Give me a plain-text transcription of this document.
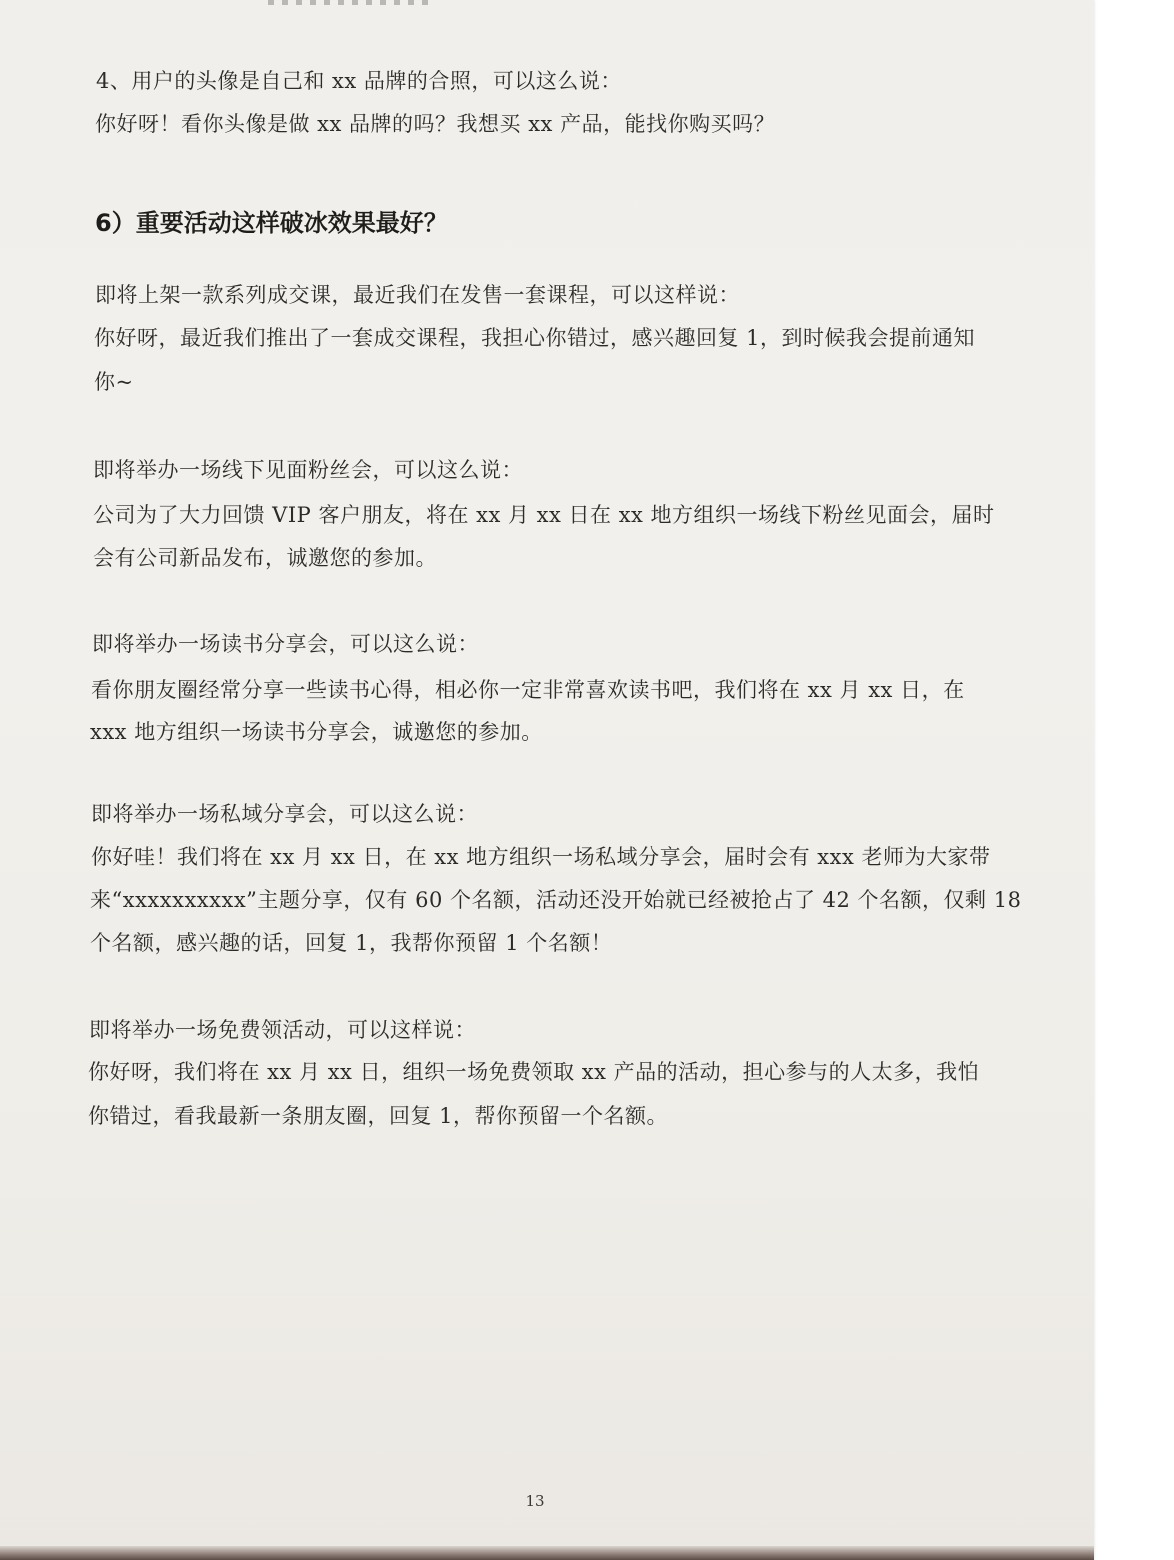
4、用户的头像是自己和 xx 品牌的合照，可以这么说：
你好呀！看你头像是做 xx 品牌的吗？我想买 xx 产品，能找你购买吗？
6）重要活动这样破冰效果最好？
即将上架一款系列成交课，最近我们在发售一套课程，可以这样说：
你好呀，最近我们推出了一套成交课程，我担心你错过，感兴趣回复 1，到时候我会提前通知
你~
即将举办一场线下见面粉丝会，可以这么说：
公司为了大力回馈 VIP 客户朋友，将在 xx 月 xx 日在 xx 地方组织一场线下粉丝见面会，届时
会有公司新品发布，诚邀您的参加。
即将举办一场读书分享会，可以这么说：
看你朋友圈经常分享一些读书心得，相必你一定非常喜欢读书吧，我们将在 xx 月 xx 日，在
xxx 地方组织一场读书分享会，诚邀您的参加。
即将举办一场私域分享会，可以这么说：
你好哇！我们将在 xx 月 xx 日，在 xx 地方组织一场私域分享会，届时会有 xxx 老师为大家带
来“xxxxxxxxxx”主题分享，仅有 60 个名额，活动还没开始就已经被抢占了 42 个名额，仅剩 18
个名额，感兴趣的话，回复 1，我帮你预留 1 个名额！
即将举办一场免费领活动，可以这样说：
你好呀，我们将在 xx 月 xx 日，组织一场免费领取 xx 产品的活动，担心参与的人太多，我怕
你错过，看我最新一条朋友圈，回复 1，帮你预留一个名额。
13
